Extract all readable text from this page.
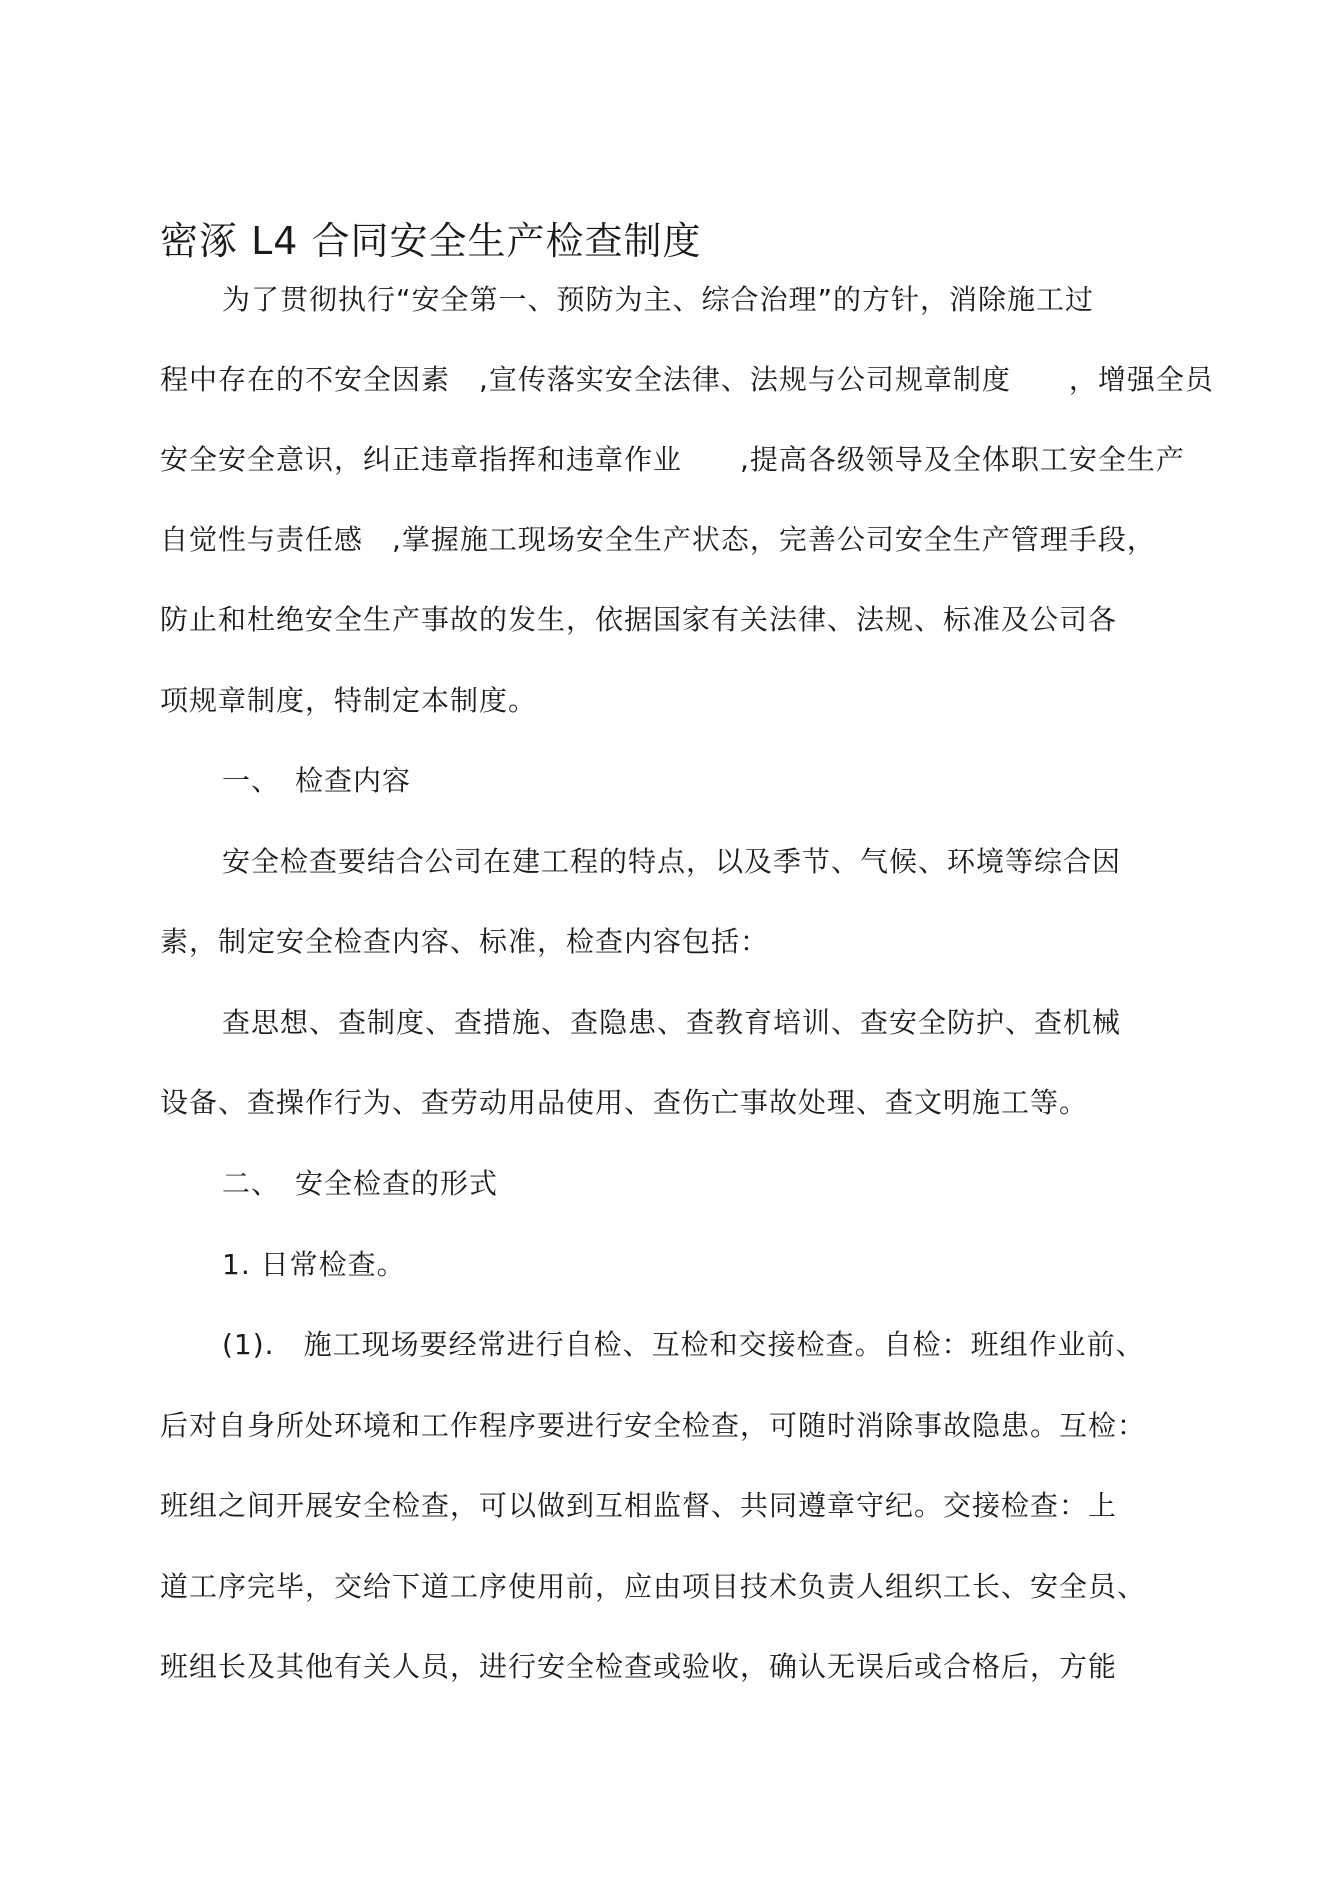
密涿 L4 合同安全生产检查制度
为了贯彻执行“安全第一、预防为主、综合治理”的方针，消除施工过
程中存在的不安全因素　,宣传落实安全法律、法规与公司规章制度　　，增强全员
安全安全意识，纠正违章指挥和违章作业　　,提高各级领导及全体职工安全生产
自觉性与责任感　,掌握施工现场安全生产状态，完善公司安全生产管理手段，
防止和杜绝安全生产事故的发生，依据国家有关法律、法规、标准及公司各
项规章制度，特制定本制度。
一、　检查内容
安全检查要结合公司在建工程的特点，以及季节、气候、环境等综合因
素，制定安全检查内容、标准，检查内容包括：
查思想、查制度、查措施、查隐患、查教育培训、查安全防护、查机械
设备、查操作行为、查劳动用品使用、查伤亡事故处理、查文明施工等。
二、　安全检查的形式
1. 日常检查。
(1).　施工现场要经常进行自检、互检和交接检查。自检：班组作业前、
后对自身所处环境和工作程序要进行安全检查，可随时消除事故隐患。互检：
班组之间开展安全检查，可以做到互相监督、共同遵章守纪。交接检查：上
道工序完毕，交给下道工序使用前，应由项目技术负责人组织工长、安全员、
班组长及其他有关人员，进行安全检查或验收，确认无误后或合格后，方能
